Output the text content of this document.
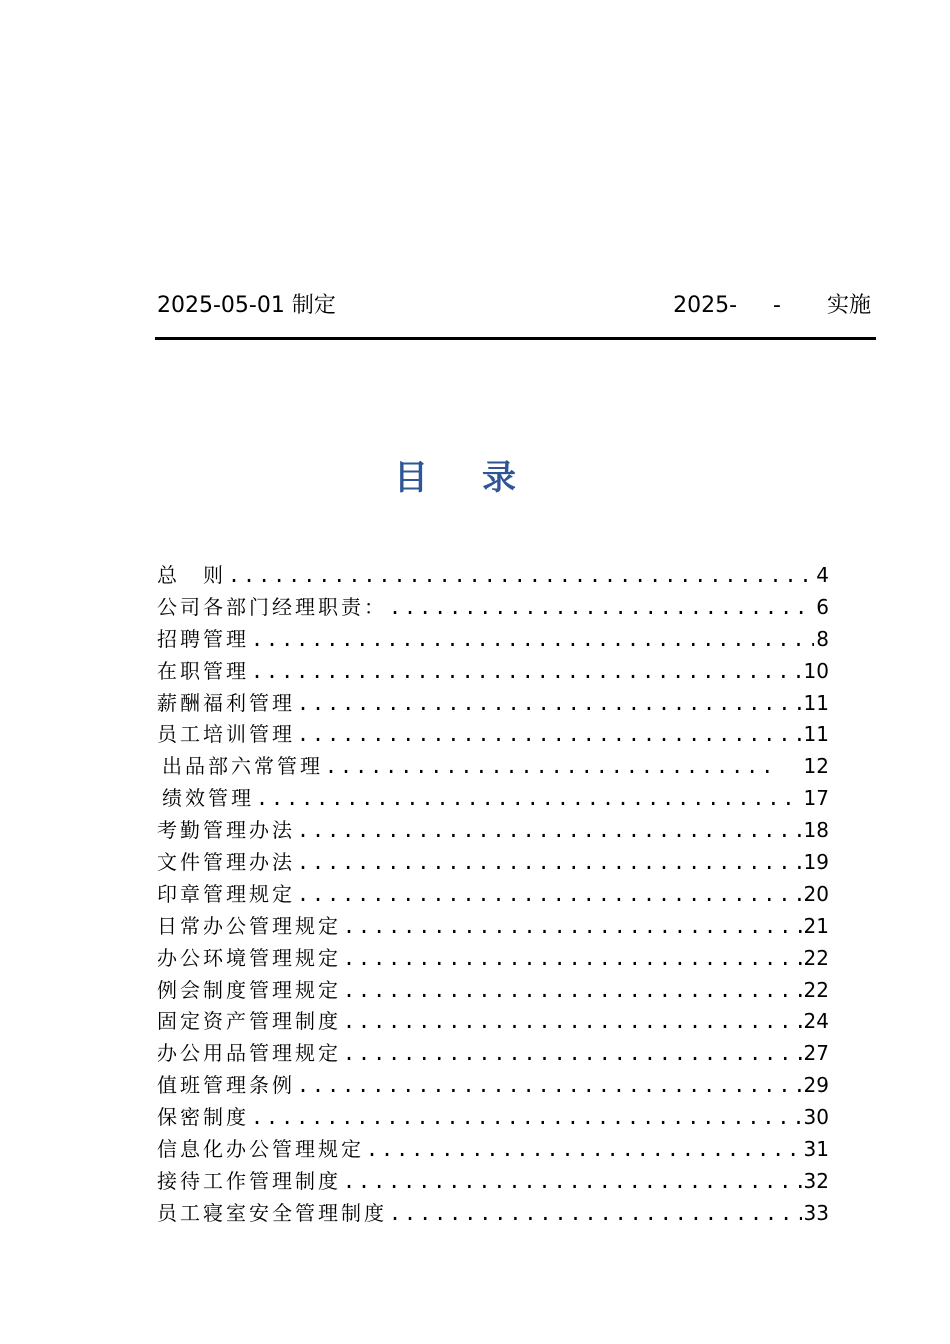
2025-05-01 制定	2025- - 实施
目录
总　则 .....	4
公司各部门经理职责： .....	6
招聘管理 .....	8
在职管理 .....	10
薪酬福利管理 .....	11
员工培训管理 .....	11
出品部六常管理 .....	12
绩效管理 .....	17
考勤管理办法 .....	18
文件管理办法 .....	19
印章管理规定 .....	20
日常办公管理规定 .....	21
办公环境管理规定 .....	22
例会制度管理规定 .....	22
固定资产管理制度 .....	24
办公用品管理规定 .....	27
值班管理条例 .....	29
保密制度 .....	30
信息化办公管理规定 .....	31
接待工作管理制度 .....	32
员工寝室安全管理制度 .....	33
